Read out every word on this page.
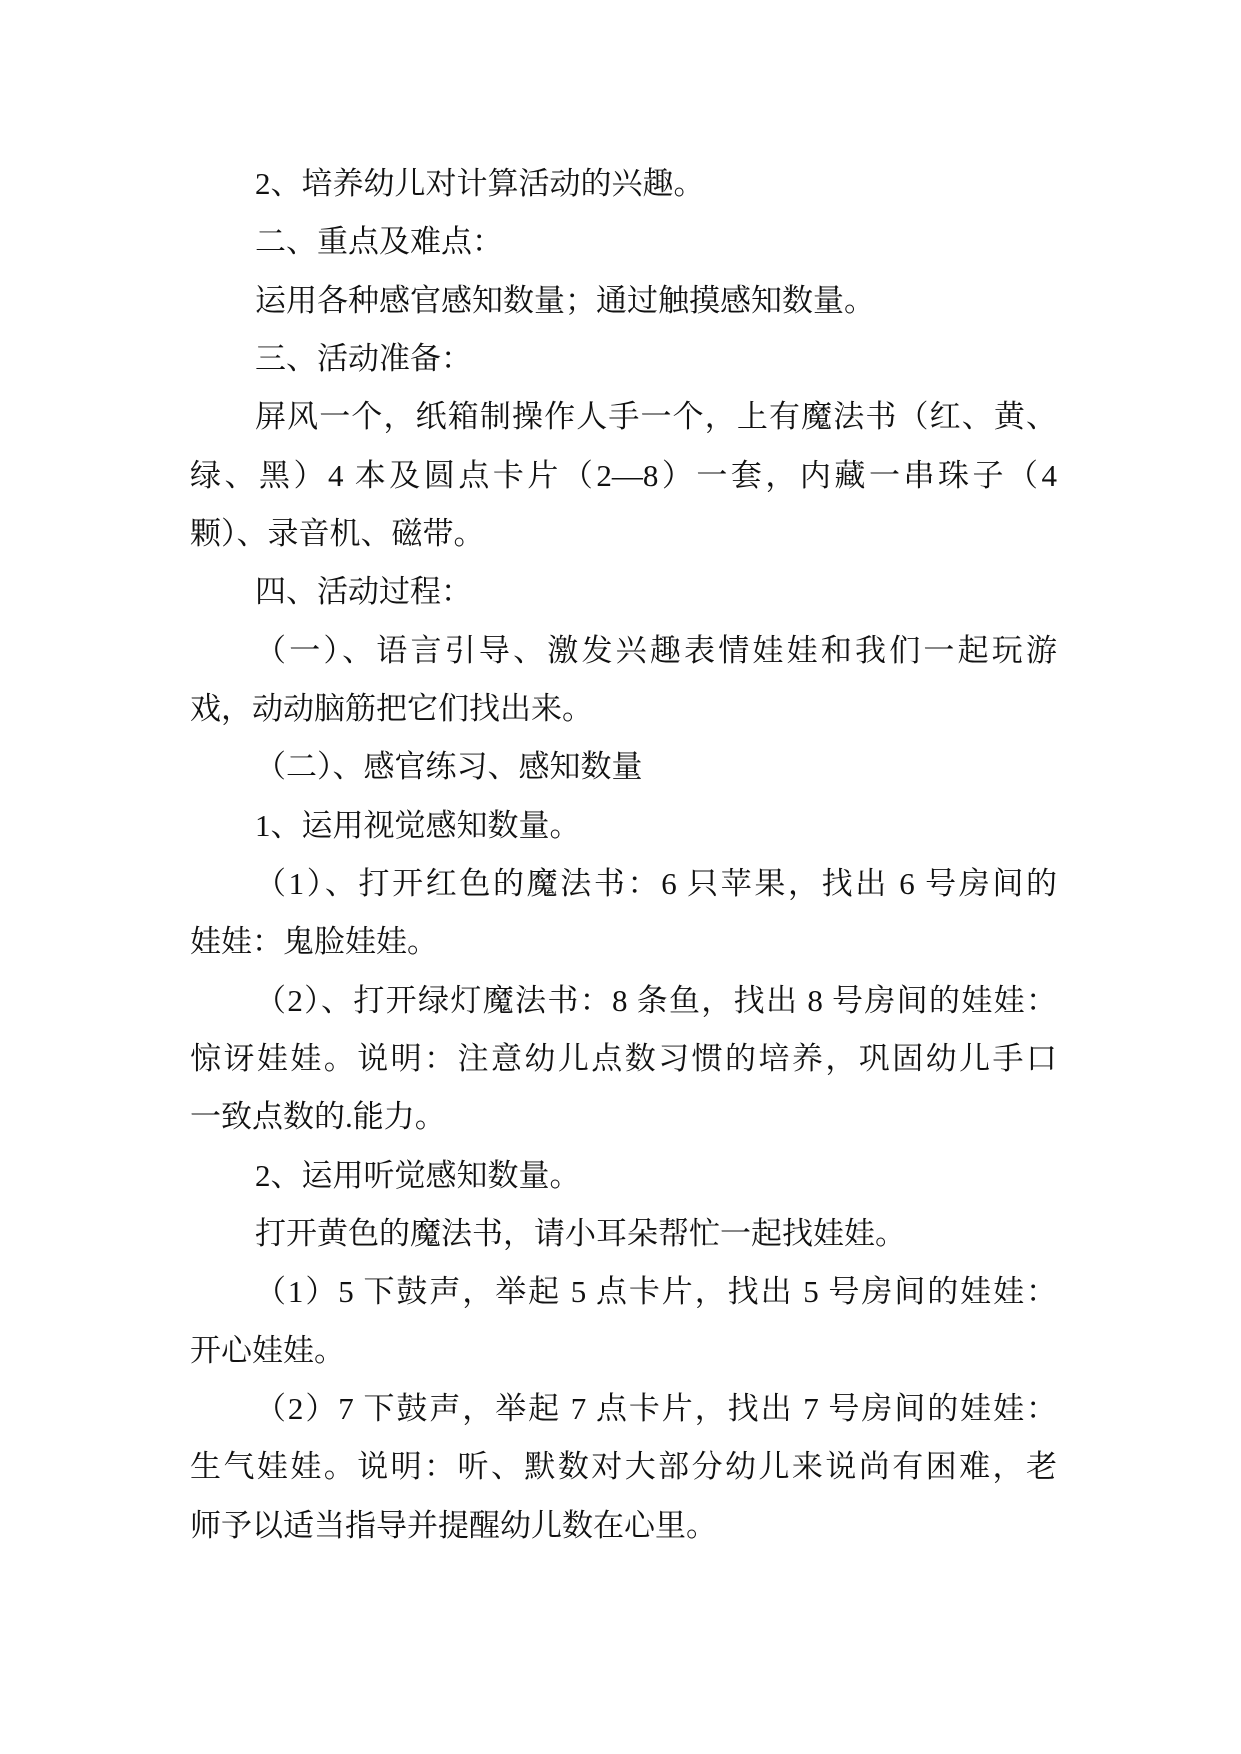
2、培养幼儿对计算活动的兴趣。
二、重点及难点：
运用各种感官感知数量；通过触摸感知数量。
三、活动准备：
屏风一个，纸箱制操作人手一个，上有魔法书（红、黄、
绿、黑）4 本及圆点卡片（2—8）一套，内藏一串珠子（4
颗）、录音机、磁带。
四、活动过程：
（一）、语言引导、激发兴趣表情娃娃和我们一起玩游
戏，动动脑筋把它们找出来。
（二）、感官练习、感知数量
1、运用视觉感知数量。
（1）、打开红色的魔法书：6 只苹果，找出 6 号房间的
娃娃：鬼脸娃娃。
（2）、打开绿灯魔法书：8 条鱼，找出 8 号房间的娃娃：
惊讶娃娃。说明：注意幼儿点数习惯的培养，巩固幼儿手口
一致点数的.能力。
2、运用听觉感知数量。
打开黄色的魔法书，请小耳朵帮忙一起找娃娃。
（1）5 下鼓声，举起 5 点卡片，找出 5 号房间的娃娃：
开心娃娃。
（2）7 下鼓声，举起 7 点卡片，找出 7 号房间的娃娃：
生气娃娃。说明：听、默数对大部分幼儿来说尚有困难，老
师予以适当指导并提醒幼儿数在心里。
